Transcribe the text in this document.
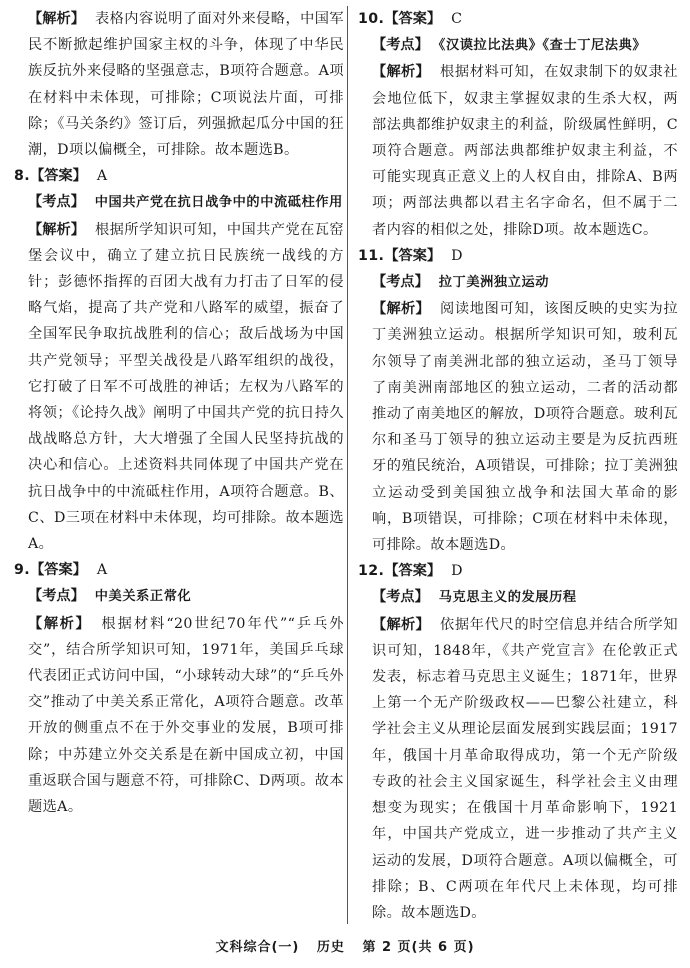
【解析】 表格内容说明了面对外来侵略，中国军民不断掀起维护国家主权的斗争，体现了中华民族反抗外来侵略的坚强意志，B项符合题意。A项在材料中未体现，可排除；C项说法片面，可排除；《马关条约》签订后，列强掀起瓜分中国的狂潮，D项以偏概全，可排除。故本题选B。

8.【答案】 A

【考点】 中国共产党在抗日战争中的中流砥柱作用

【解析】 根据所学知识可知，中国共产党在瓦窑堡会议中，确立了建立抗日民族统一战线的方针；彭德怀指挥的百团大战有力打击了日军的侵略气焰，提高了共产党和八路军的威望，振奋了全国军民争取抗战胜利的信心；敌后战场为中国共产党领导；平型关战役是八路军组织的战役，它打破了日军不可战胜的神话；左权为八路军的将领；《论持久战》阐明了中国共产党的抗日持久战战略总方针，大大增强了全国人民坚持抗战的决心和信心。上述资料共同体现了中国共产党在抗日战争中的中流砥柱作用，A项符合题意。B、C、D三项在材料中未体现，均可排除。故本题选A。

9.【答案】 A

【考点】 中美关系正常化

【解析】 根据材料“20世纪70年代”“乒乓外交”，结合所学知识可知，1971年，美国乒乓球代表团正式访问中国，“小球转动大球”的“乒乓外交”推动了中美关系正常化，A项符合题意。改革开放的侧重点不在于外交事业的发展，B项可排除；中苏建立外交关系是在新中国成立初，中国重返联合国与题意不符，可排除C、D两项。故本题选A。

10.【答案】 C

【考点】 《汉谟拉比法典》《查士丁尼法典》

【解析】 根据材料可知，在奴隶制下的奴隶社会地位低下，奴隶主掌握奴隶的生杀大权，两部法典都维护奴隶主的利益，阶级属性鲜明，C项符合题意。两部法典都维护奴隶主利益，不可能实现真正意义上的人权自由，排除A、B两项；两部法典都以君主名字命名，但不属于二者内容的相似之处，排除D项。故本题选C。

11.【答案】 D

【考点】 拉丁美洲独立运动

【解析】 阅读地图可知，该图反映的史实为拉丁美洲独立运动。根据所学知识可知，玻利瓦尔领导了南美洲北部的独立运动，圣马丁领导了南美洲南部地区的独立运动，二者的活动都推动了南美地区的解放，D项符合题意。玻利瓦尔和圣马丁领导的独立运动主要是为反抗西班牙的殖民统治，A项错误，可排除；拉丁美洲独立运动受到美国独立战争和法国大革命的影响，B项错误，可排除；C项在材料中未体现，可排除。故本题选D。

12.【答案】 D

【考点】 马克思主义的发展历程

【解析】 依据年代尺的时空信息并结合所学知识可知，1848年，《共产党宣言》在伦敦正式发表，标志着马克思主义诞生；1871年，世界上第一个无产阶级政权——巴黎公社建立，科学社会主义从理论层面发展到实践层面；1917年，俄国十月革命取得成功，第一个无产阶级专政的社会主义国家诞生，科学社会主义由理想变为现实；在俄国十月革命影响下，1921年，中国共产党成立，进一步推动了共产主义运动的发展，D项符合题意。A项以偏概全，可排除；B、C两项在年代尺上未体现，均可排除。故本题选D。

文科综合(一) 历史 第 2 页(共 6 页)
